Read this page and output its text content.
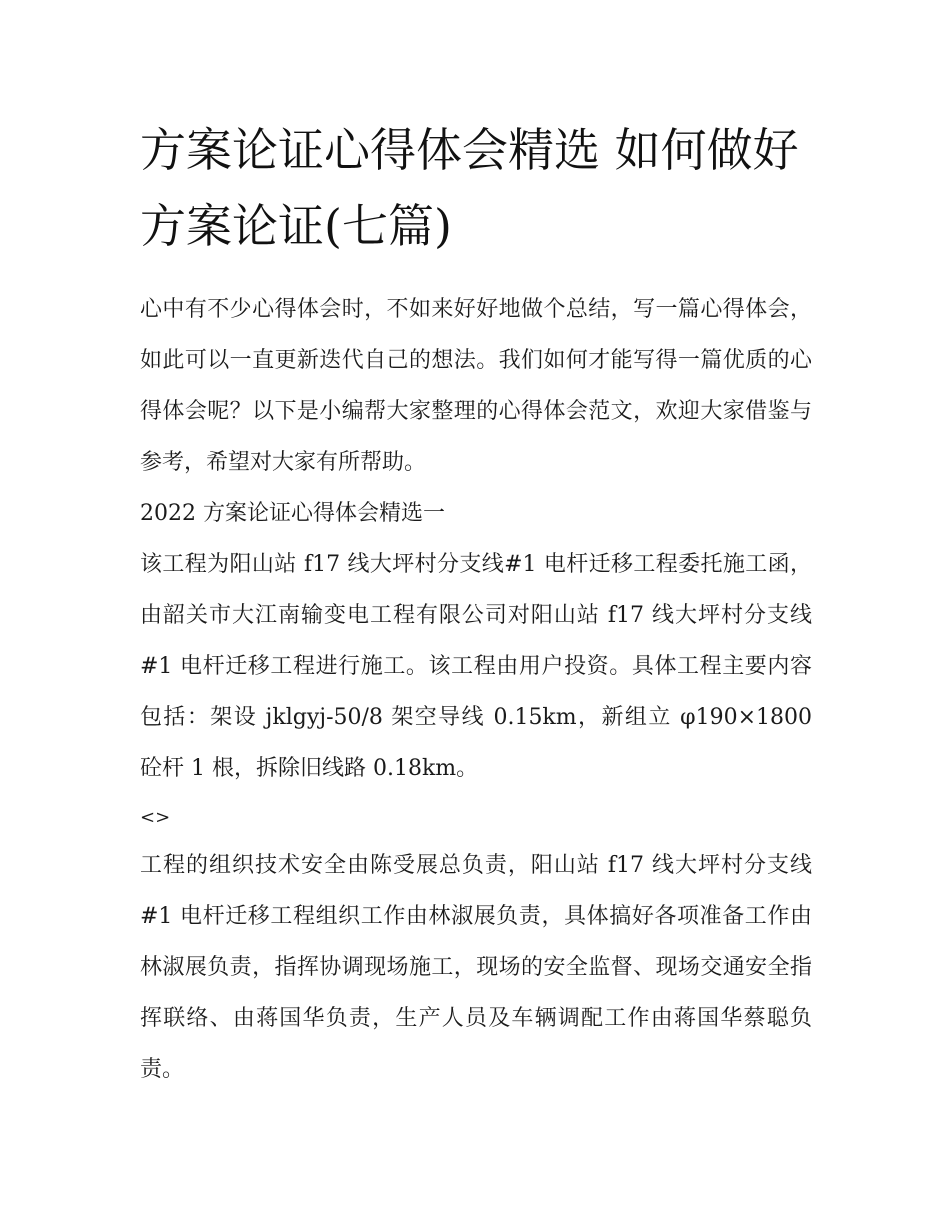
方案论证心得体会精选 如何做好方案论证(七篇)

心中有不少心得体会时，不如来好好地做个总结，写一篇心得体会，如此可以一直更新迭代自己的想法。我们如何才能写得一篇优质的心得体会呢？以下是小编帮大家整理的心得体会范文，欢迎大家借鉴与参考，希望对大家有所帮助。

2022 方案论证心得体会精选一

该工程为阳山站 f17 线大坪村分支线#1 电杆迁移工程委托施工函，由韶关市大江南输变电工程有限公司对阳山站 f17 线大坪村分支线#1 电杆迁移工程进行施工。该工程由用户投资。具体工程主要内容包括：架设 jklgyj-50/8 架空导线 0.15km，新组立 φ190×1800 砼杆 1 根，拆除旧线路 0.18km。

<>

工程的组织技术安全由陈受展总负责，阳山站 f17 线大坪村分支线#1 电杆迁移工程组织工作由林淑展负责，具体搞好各项准备工作由林淑展负责，指挥协调现场施工，现场的安全监督、现场交通安全指挥联络、由蒋国华负责，生产人员及车辆调配工作由蒋国华蔡聪负责。
